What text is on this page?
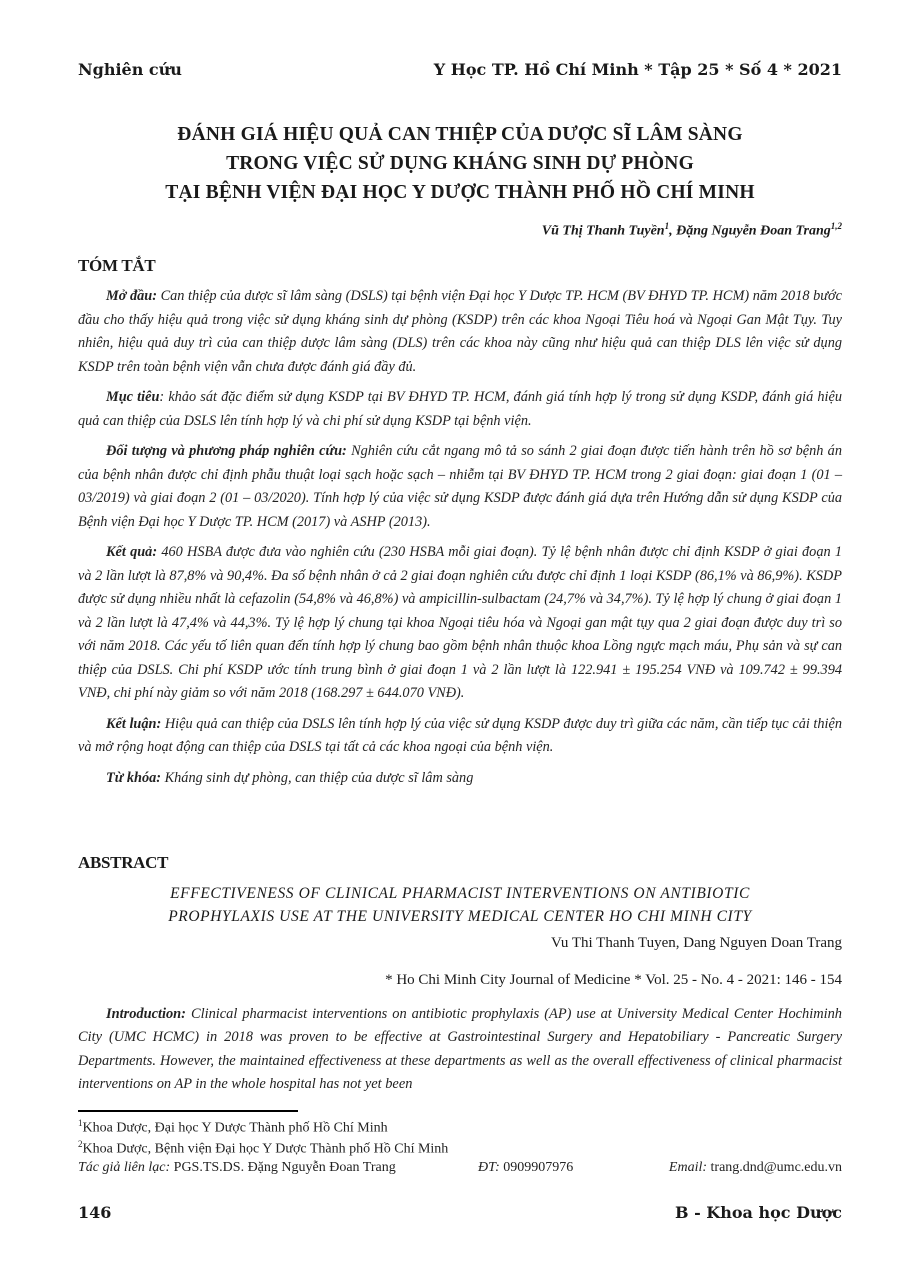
Nghiên cứu	Y Học TP. Hồ Chí Minh * Tập 25 * Số 4 * 2021
ĐÁNH GIÁ HIỆU QUẢ CAN THIỆP CỦA DƯỢC SĨ LÂM SÀNG
TRONG VIỆC SỬ DỤNG KHÁNG SINH DỰ PHÒNG
TẠI BỆNH VIỆN ĐẠI HỌC Y DƯỢC THÀNH PHỐ HỒ CHÍ MINH
Vũ Thị Thanh Tuyền$^1$, Đặng Nguyễn Đoan Trang$^{1,2}$
TÓM TẮT

Mở đầu: Can thiệp của dược sĩ lâm sàng (DSLS) tại bệnh viện Đại học Y Dược TP. HCM (BV ĐHYD TP. HCM) năm 2018 bước đầu cho thấy hiệu quả trong việc sử dụng kháng sinh dự phòng (KSDP) trên các khoa Ngoại Tiêu hoá và Ngoại Gan Mật Tụy. Tuy nhiên, hiệu quả duy trì của can thiệp dược lâm sàng (DLS) trên các khoa này cũng như hiệu quả can thiệp DLS lên việc sử dụng KSDP trên toàn bệnh viện vẫn chưa được đánh giá đầy đủ.

Mục tiêu: khảo sát đặc điểm sử dụng KSDP tại BV ĐHYD TP. HCM, đánh giá tính hợp lý trong sử dụng KSDP, đánh giá hiệu quả can thiệp của DSLS lên tính hợp lý và chi phí sử dụng KSDP tại bệnh viện.

Đối tượng và phương pháp nghiên cứu: Nghiên cứu cắt ngang mô tả so sánh 2 giai đoạn được tiến hành trên hồ sơ bệnh án của bệnh nhân được chỉ định phẫu thuật loại sạch hoặc sạch – nhiễm tại BV ĐHYD TP. HCM trong 2 giai đoạn: giai đoạn 1 (01 – 03/2019) và giai đoạn 2 (01 – 03/2020). Tính hợp lý của việc sử dụng KSDP được đánh giá dựa trên Hướng dẫn sử dụng KSDP của Bệnh viện Đại học Y Dược TP. HCM (2017) và ASHP (2013).

Kết quả: 460 HSBA được đưa vào nghiên cứu (230 HSBA mỗi giai đoạn). Tỷ lệ bệnh nhân được chỉ định KSDP ở giai đoạn 1 và 2 lần lượt là 87,8% và 90,4%. Đa số bệnh nhân ở cả 2 giai đoạn nghiên cứu được chỉ định 1 loại KSDP (86,1% và 86,9%). KSDP được sử dụng nhiều nhất là cefazolin (54,8% và 46,8%) và ampicillin-sulbactam (24,7% và 34,7%). Tỷ lệ hợp lý chung ở giai đoạn 1 và 2 lần lượt là 47,4% và 44,3%. Tỷ lệ hợp lý chung tại khoa Ngoại tiêu hóa và Ngoại gan mật tụy qua 2 giai đoạn được duy trì so với năm 2018. Các yếu tố liên quan đến tính hợp lý chung bao gồm bệnh nhân thuộc khoa Lồng ngực mạch máu, Phụ sản và sự can thiệp của DSLS. Chi phí KSDP ước tính trung bình ở giai đoạn 1 và 2 lần lượt là 122.941 ± 195.254 VNĐ và 109.742 ± 99.394 VNĐ, chi phí này giảm so với năm 2018 (168.297 ± 644.070 VNĐ).

Kết luận: Hiệu quả can thiệp của DSLS lên tính hợp lý của việc sử dụng KSDP được duy trì giữa các năm, cần tiếp tục cải thiện và mở rộng hoạt động can thiệp của DSLS tại tất cả các khoa ngoại của bệnh viện.

Từ khóa: Kháng sinh dự phòng, can thiệp của dược sĩ lâm sàng

ABSTRACT
EFFECTIVENESS OF CLINICAL PHARMACIST INTERVENTIONS ON ANTIBIOTIC
PROPHYLAXIS USE AT THE UNIVERSITY MEDICAL CENTER HO CHI MINH CITY
Vu Thi Thanh Tuyen, Dang Nguyen Doan Trang
* Ho Chi Minh City Journal of Medicine * Vol. 25 - No. 4 - 2021: 146 - 154

Introduction: Clinical pharmacist interventions on antibiotic prophylaxis (AP) use at University Medical Center Hochiminh City (UMC HCMC) in 2018 was proven to be effective at Gastrointestinal Surgery and Hepatobiliary - Pancreatic Surgery Departments. However, the maintained effectiveness at these departments as well as the overall effectiveness of clinical pharmacist interventions on AP in the whole hospital has not yet been

$^1$Khoa Dược, Đại học Y Dược Thành phố Hồ Chí Minh
$^2$Khoa Dược, Bệnh viện Đại học Y Dược Thành phố Hồ Chí Minh
Tác giả liên lạc: PGS.TS.DS. Đặng Nguyễn Đoan Trang	ĐT: 0909907976	Email: trang.dnd@umc.edu.vn
146	B - Khoa học Dược
